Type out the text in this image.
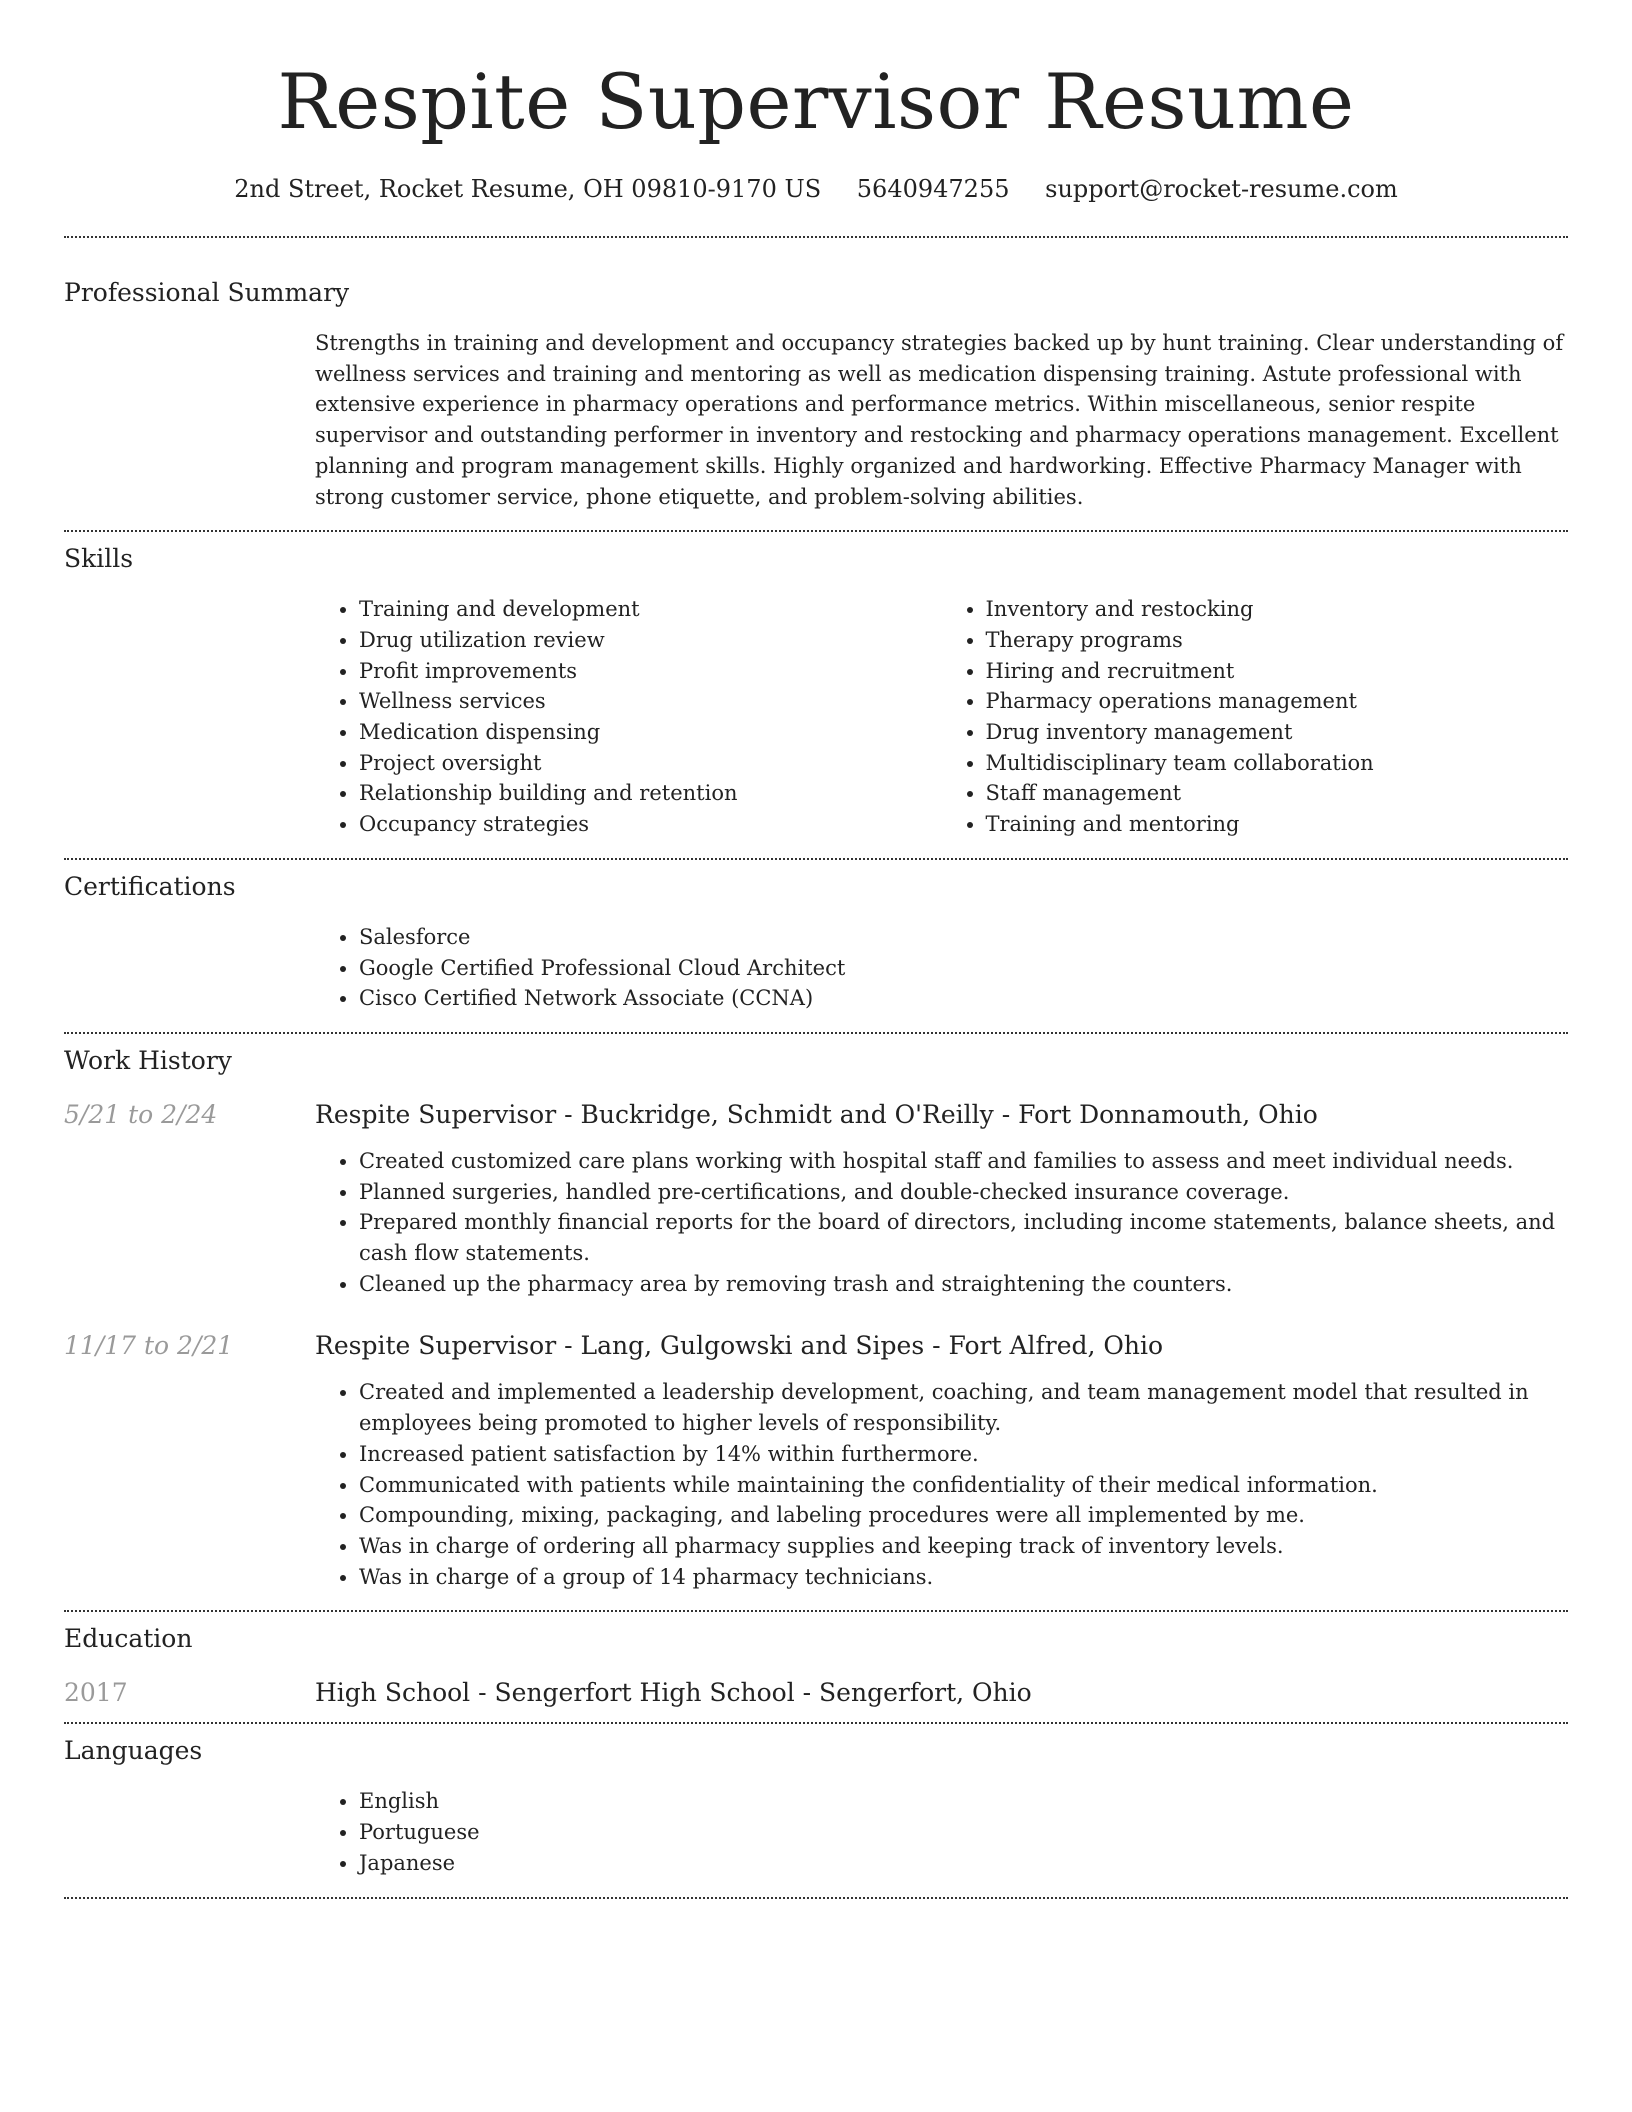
Respite Supervisor Resume
2nd Street, Rocket Resume, OH 09810-9170 US 5640947255 support@rocket-resume.com
Professional Summary
Strengths in training and development and occupancy strategies backed up by hunt training. Clear understanding of wellness services and training and mentoring as well as medication dispensing training. Astute professional with extensive experience in pharmacy operations and performance metrics. Within miscellaneous, senior respite supervisor and outstanding performer in inventory and restocking and pharmacy operations management. Excellent planning and program management skills. Highly organized and hardworking. Effective Pharmacy Manager with strong customer service, phone etiquette, and problem-solving abilities.
Skills
• Training and development
• Drug utilization review
• Profit improvements
• Wellness services
• Medication dispensing
• Project oversight
• Relationship building and retention
• Occupancy strategies
• Inventory and restocking
• Therapy programs
• Hiring and recruitment
• Pharmacy operations management
• Drug inventory management
• Multidisciplinary team collaboration
• Staff management
• Training and mentoring
Certifications
• Salesforce
• Google Certified Professional Cloud Architect
• Cisco Certified Network Associate (CCNA)
Work History
5/21 to 2/24	Respite Supervisor - Buckridge, Schmidt and O'Reilly - Fort Donnamouth, Ohio
• Created customized care plans working with hospital staff and families to assess and meet individual needs.
• Planned surgeries, handled pre-certifications, and double-checked insurance coverage.
• Prepared monthly financial reports for the board of directors, including income statements, balance sheets, and cash flow statements.
• Cleaned up the pharmacy area by removing trash and straightening the counters.
11/17 to 2/21	Respite Supervisor - Lang, Gulgowski and Sipes - Fort Alfred, Ohio
• Created and implemented a leadership development, coaching, and team management model that resulted in employees being promoted to higher levels of responsibility.
• Increased patient satisfaction by 14% within furthermore.
• Communicated with patients while maintaining the confidentiality of their medical information.
• Compounding, mixing, packaging, and labeling procedures were all implemented by me.
• Was in charge of ordering all pharmacy supplies and keeping track of inventory levels.
• Was in charge of a group of 14 pharmacy technicians.
Education
2017	High School - Sengerfort High School - Sengerfort, Ohio
Languages
• English
• Portuguese
• Japanese
